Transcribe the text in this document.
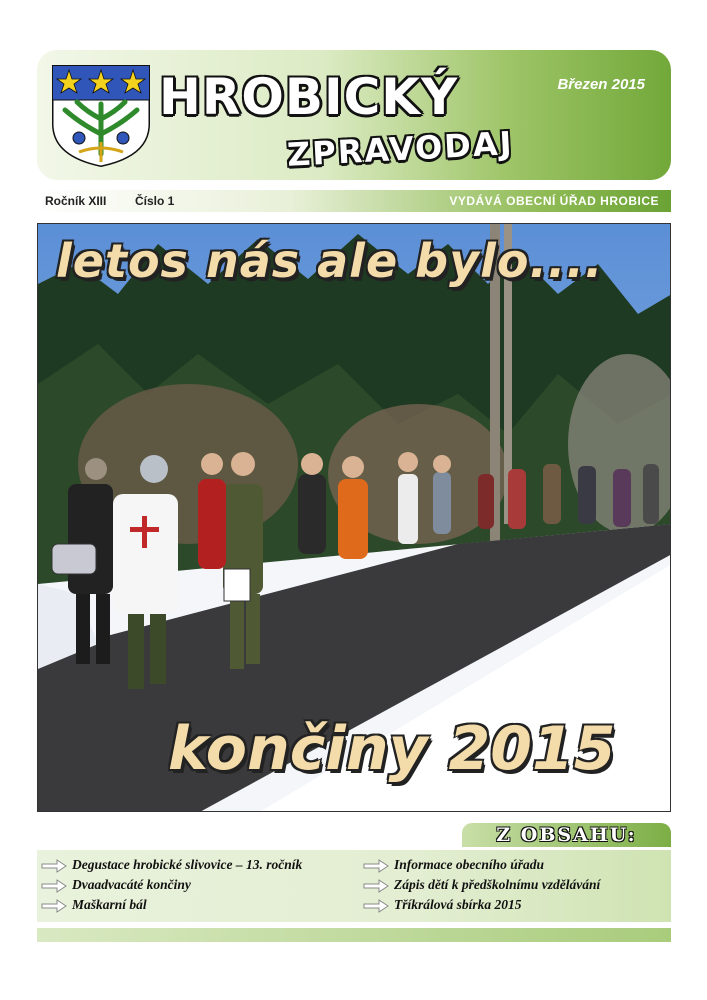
HROBICKÝ
ZPRAVODAJ
Březen 2015
Ročník XIII Číslo 1	VYDÁVÁ OBECNÍ ÚŘAD HROBICE
letos nás ale bylo....
končiny 2015
Z OBSAHU:
Degustace hrobické slivovice – 13. ročník
Dvaadvacáté končiny
Maškarní bál
Informace obecního úřadu
Zápis dětí k předškolnímu vzdělávání
Tříkrálová sbírka 2015
